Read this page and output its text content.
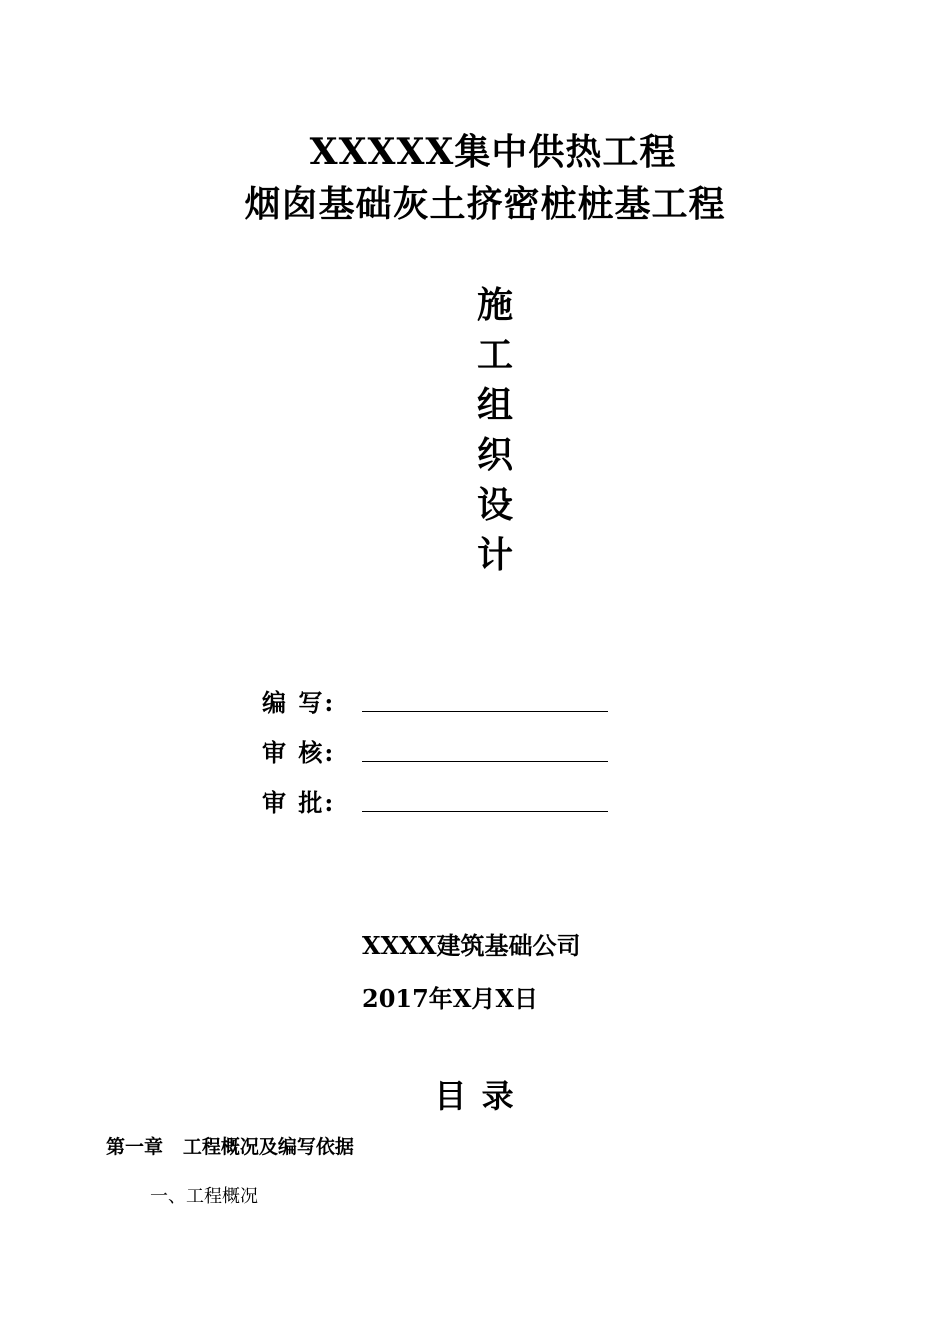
XXXXX集中供热工程
烟囱基础灰土挤密桩桩基工程
施
工
组
织
设
计
编 写:
审 核:
审 批:
XXXX建筑基础公司
2017年X月X日
目 录
第一章   工程概况及编写依据
一、工程概况
